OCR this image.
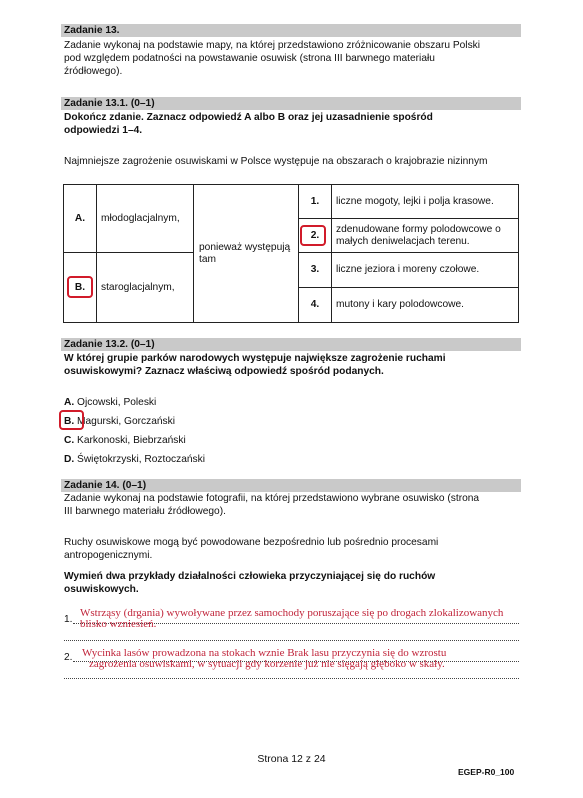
Zadanie 13.
Zadanie wykonaj na podstawie mapy, na której przedstawiono zróżnicowanie obszaru Polski
pod względem podatności na powstawanie osuwisk (strona III barwnego materiału
źródłowego).
Zadanie 13.1. (0–1)
Dokończ zdanie. Zaznacz odpowiedź A albo B oraz jej uzasadnienie spośród
odpowiedzi 1–4.
Najmniejsze zagrożenie osuwiskami w Polsce występuje na obszarach o krajobrazie nizinnym
A.	młodoglacjalnym,	ponieważ występują tam	1.	liczne mogoty, lejki i polja krasowe.
			2.	zdenudowane formy polodowcowe o małych deniwelacjach terenu.
B.	staroglacjalnym,		3.	liczne jeziora i moreny czołowe.
			4.	mutony i kary polodowcowe.
Zadanie 13.2. (0–1)
W której grupie parków narodowych występuje największe zagrożenie ruchami
osuwiskowymi? Zaznacz właściwą odpowiedź spośród podanych.
A. Ojcowski, Poleski
B. Magurski, Gorczański
C. Karkonoski, Biebrzański
D. Świętokrzyski, Roztoczański
Zadanie 14. (0–1)
Zadanie wykonaj na podstawie fotografii, na której przedstawiono wybrane osuwisko (strona
III barwnego materiału źródłowego).
Ruchy osuwiskowe mogą być powodowane bezpośrednio lub pośrednio procesami
antropogenicznymi.
Wymień dwa przykłady działalności człowieka przyczyniającej się do ruchów
osuwiskowych.
1.
Wstrząsy (drgania) wywoływane przez samochody poruszające się po drogach zlokalizowanych
blisko wzniesień.
2. Wycinka lasów prowadzona na stokach wznie Brak lasu przyczynia się do wzrostu
zagrożenia osuwiskami, w sytuacji gdy korzenie już nie sięgają głęboko w skały.
Strona 12 z 24
EGEP-R0_100
